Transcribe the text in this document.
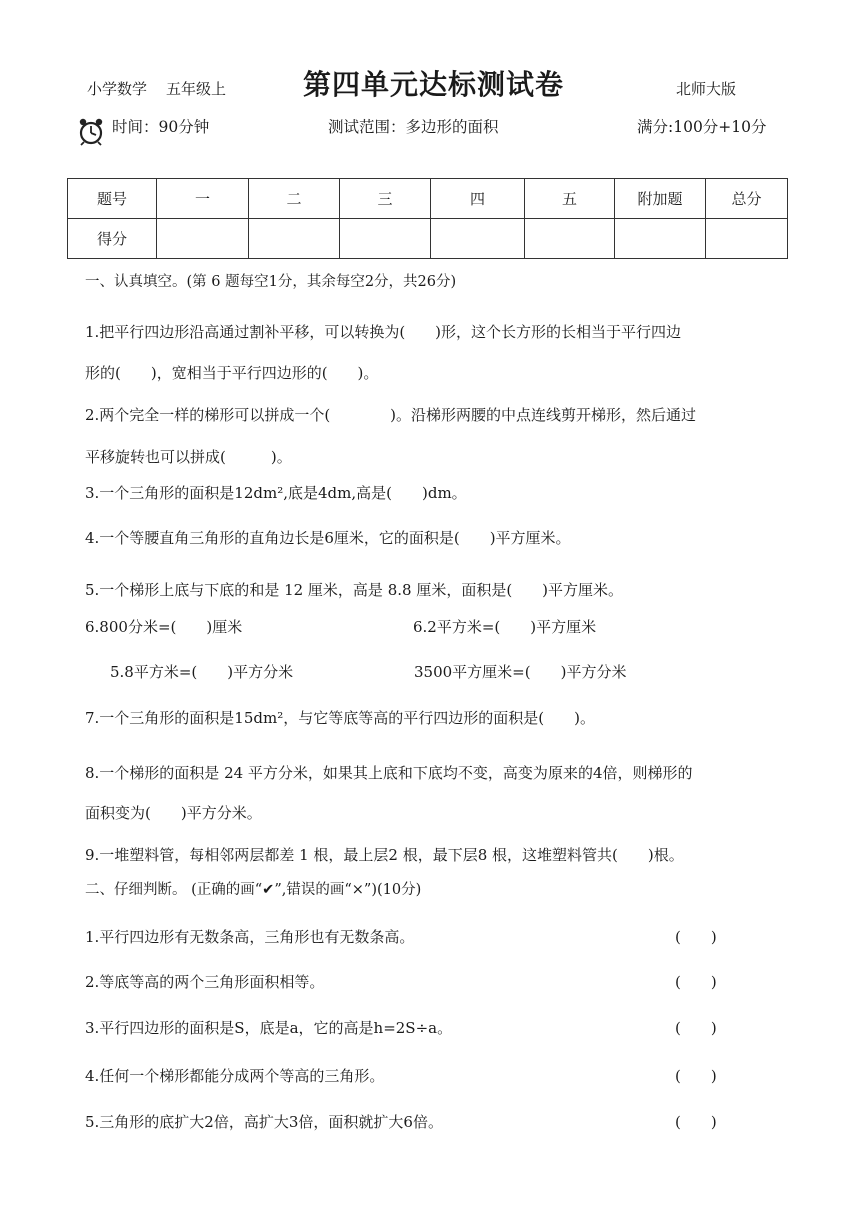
小学数学 五年级上	第四单元达标测试卷	北师大版
时间：90分钟	测试范围：多边形的面积	满分:100分+10分
题号	一	二	三	四	五	附加题	总分
得分							
一、认真填空。(第 6 题每空1分，其余每空2分，共26分)
1.把平行四边形沿高通过割补平移，可以转换为(　　)形，这个长方形的长相当于平行四边
形的(　　)，宽相当于平行四边形的(　　)。
2.两个完全一样的梯形可以拼成一个(　　　　)。沿梯形两腰的中点连线剪开梯形，然后通过
平移旋转也可以拼成(　　　)。
3.一个三角形的面积是12dm²,底是4dm,高是(　　)dm。
4.一个等腰直角三角形的直角边长是6厘米，它的面积是(　　)平方厘米。
5.一个梯形上底与下底的和是 12 厘米，高是 8.8 厘米，面积是(　　)平方厘米。
6.800分米=(　　)厘米	6.2平方米=(　　)平方厘米
5.8平方米=(　　)平方分米	3500平方厘米=(　　)平方分米
7.一个三角形的面积是15dm²，与它等底等高的平行四边形的面积是(　　)。
8.一个梯形的面积是 24 平方分米，如果其上底和下底均不变，高变为原来的4倍，则梯形的
面积变为(　　)平方分米。
9.一堆塑料管，每相邻两层都差 1 根，最上层2 根，最下层8 根，这堆塑料管共(　　)根。
二、仔细判断。 (正确的画“✔”,错误的画“×”)(10分)
1.平行四边形有无数条高，三角形也有无数条高。	(　　)
2.等底等高的两个三角形面积相等。	(　　)
3.平行四边形的面积是S，底是a，它的高是h=2S÷a。	(　　)
4.任何一个梯形都能分成两个等高的三角形。	(　　)
5.三角形的底扩大2倍，高扩大3倍，面积就扩大6倍。	(　　)
